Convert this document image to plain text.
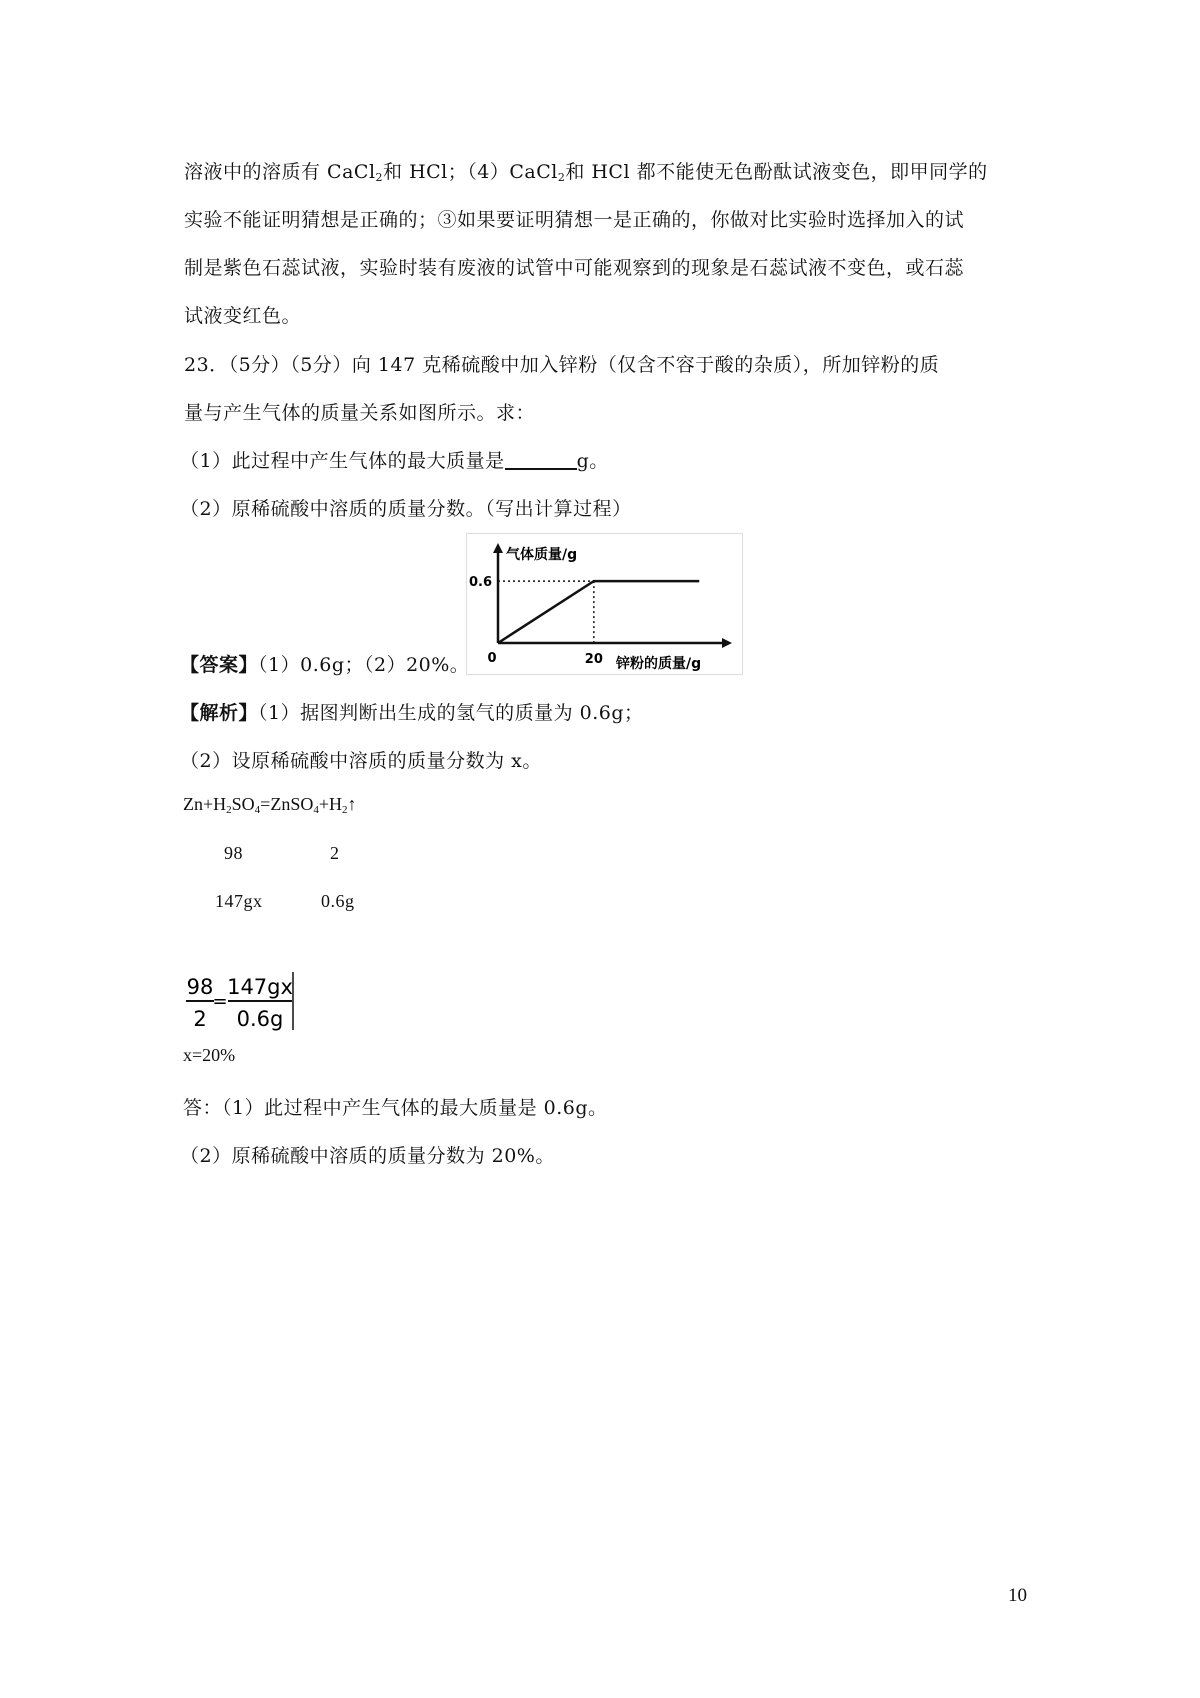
溶液中的溶质有 CaCl$_2$和 HCl；（4）CaCl$_2$和 HCl 都不能使无色酚酞试液变色，即甲同学的
实验不能证明猜想是正确的；③如果要证明猜想一是正确的，你做对比实验时选择加入的试
制是紫色石蕊试液，实验时装有废液的试管中可能观察到的现象是石蕊试液不变色，或石蕊
试液变红色。
23．（5分）（5分）向 147 克稀硫酸中加入锌粉（仅含不容于酸的杂质），所加锌粉的质
量与产生气体的质量关系如图所示。求：
（1）此过程中产生气体的最大质量是	g。
（2）原稀硫酸中溶质的质量分数。（写出计算过程）
气体质量/g
锌粉的质量/g
0.6
20
0
【答案】（1）0.6g；（2）20%。
【解析】（1）据图判断出生成的氢气的质量为 0.6g；
（2）设原稀硫酸中溶质的质量分数为 x。
$Zn+H_2SO_4=ZnSO_4+H_2↑$
98	2
147gx	0.6g
98
2
=
147gx
0.6g
x=20%
答：（1）此过程中产生气体的最大质量是 0.6g。
（2）原稀硫酸中溶质的质量分数为 20%。
10
